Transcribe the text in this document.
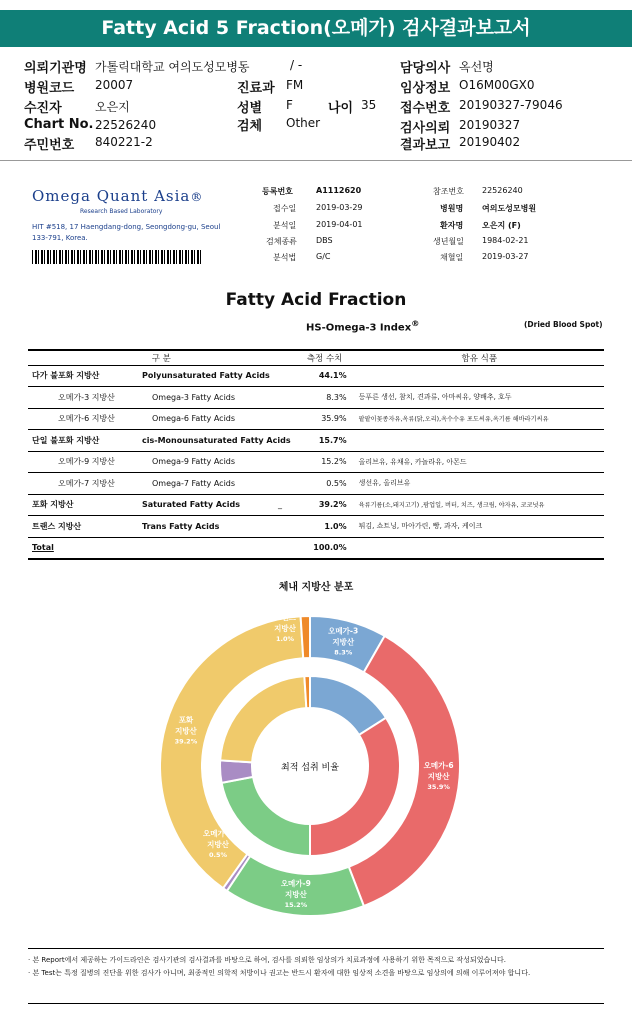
Fatty Acid 5 Fraction(오메가) 검사결과보고서
의뢰기관명 가톨릭대학교 여의도성모병동	/ -	담당의사 옥선명
병원코드 20007	진료과 FM	임상정보 O16M00GX0
수진자	오은지	성별 F	나이 35 접수번호 20190327-79046
Chart No. 22526240	검체 Other	검사의뢰 20190327
주민번호 840221-2	결과보고 20190402
Omega Quant Asia®
Research Based Laboratory
HIT #518, 17 Haengdang-dong, Seongdong-gu, Seoul 133-791, Korea.
등록번호	A1112620
접수일 2019-03-29
분석일 2019-04-01
검체종류 DBS
분석법 G/C
참조번호 22526240
병원명 여의도성모병원
환자명 오은지 (F)
생년월일 1984-02-21
채혈일 2019-03-27
Fatty Acid Fraction
HS-Omega-3 Index®	(Dried Blood Spot)
구 분		측정 수치	함유 식품
다가 불포화 지방산	Polyunsaturated Fatty Acids	44.1%	
오메가-3 지방산	Omega-3 Fatty Acids	8.3%	등푸른 생선, 참치, 견과류, 아마씨유, 양배추, 호두
오메가-6 지방산	Omega-6 Fatty Acids	35.9%	팥팥이꽃종자유,옥류(닭,오리),옥수수유 포도씨유,옥기름 해바라기씨유
단일 불포화 지방산	cis-Monounsaturated Fatty Acids	15.7%	
오메가-9 지방산	Omega-9 Fatty Acids	15.2%	올리브유, 유채유, 카놀라유, 아몬드
오메가-7 지방산	Omega-7 Fatty Acids	0.5%	생선유, 올리브유
포화 지방산	Saturated Fatty Acids _	39.2%	육류기름(소,돼지고기) ,팜업일, 버터, 치즈, 생크림, 야자유, 코코넛유
트랜스 지방산	Trans Fatty Acids	1.0%	튀김, 쇼트닝, 마아가린, 빵, 과자, 케이크
Total		100.0%	
체내 지방산 분포
최적 섭취 비율
오메가-3
지방산
8.3%
오메가-6
지방산
35.9%
오메가-9
지방산
15.2%
오메가-7
지방산
0.5%
포화
지방산
39.2%
트랜스
지방산
1.0%
· 본 Report에서 제공하는 가이드라인은 검사기관의 검사결과를 바탕으로 하여, 검사를 의뢰한 임상의가 치료과정에 사용하기 위한 목적으로 작성되었습니다.
· 본 Test는 특정 질병의 진단을 위한 검사가 아니며, 최종적인 의학적 처방이나 권고는 반드시 환자에 대한 임상적 소견을 바탕으로 임상의에 의해 이루어져야 합니다.
